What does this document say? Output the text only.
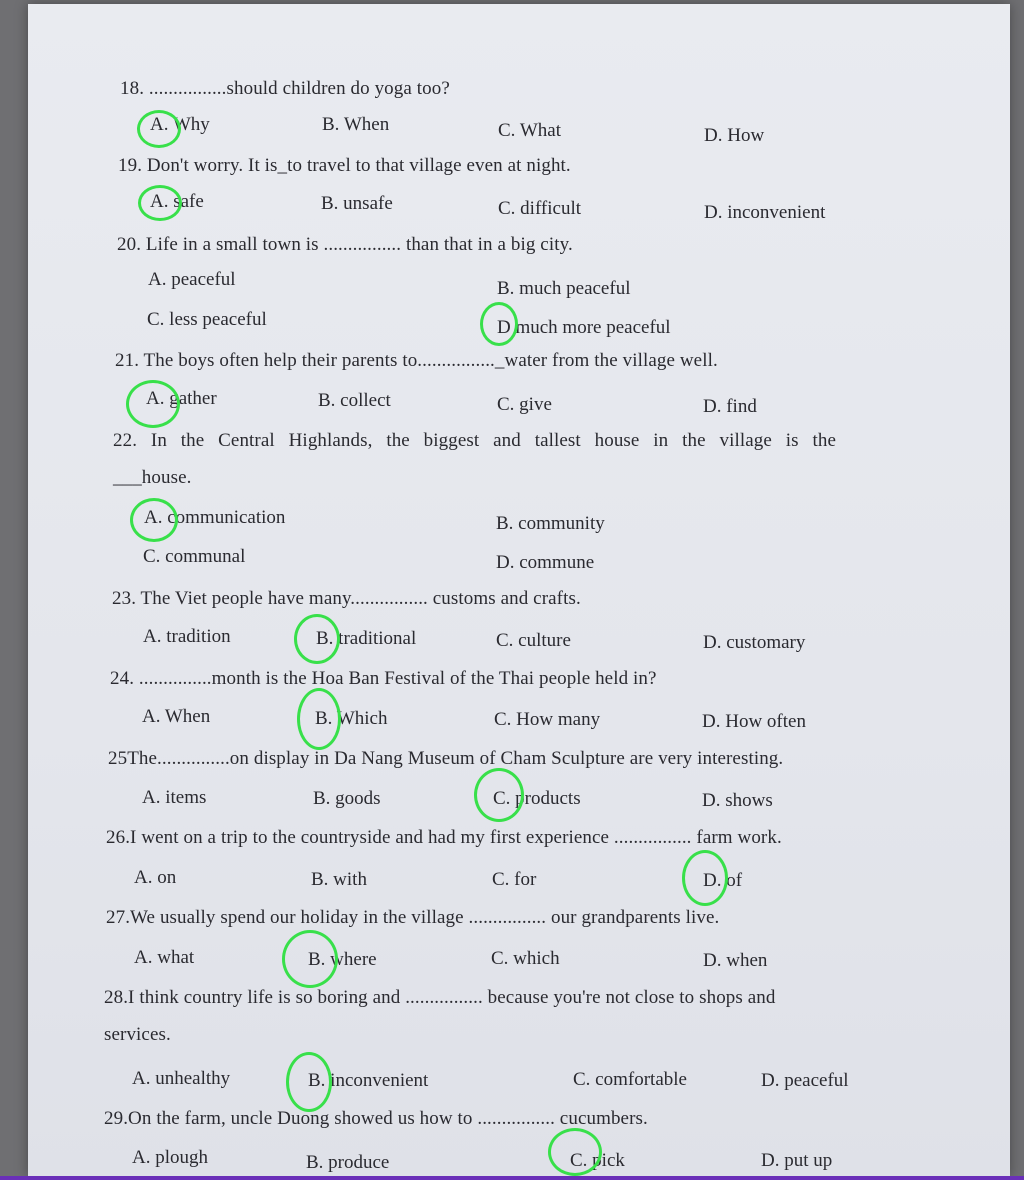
18. ................should children do yoga too?
A. Why	B. When	C. What	D. How
19. Don't worry. It is_to travel to that village even at night.
A. safe	B. unsafe	C. difficult	D. inconvenient
20. Life in a small town is ................ than that in a big city.
A. peaceful	B. much peaceful
C. less peaceful	D much more peaceful
21. The boys often help their parents to................_water from the village well.
A. gather	B. collect	C. give	D. find
22. In the Central Highlands, the biggest and tallest house in the village is the
___house.
A. communication	B. community
C. communal	D. commune
23. The Viet people have many................ customs and crafts.
A. tradition	B. traditional	C. culture	D. customary
24. ...............month is the Hoa Ban Festival of the Thai people held in?
A. When	B. Which	C. How many	D. How often
25The...............on display in Da Nang Museum of Cham Sculpture are very interesting.
A. items	B. goods	C. products	D. shows
26.I went on a trip to the countryside and had my first experience ................ farm work.
A. on	B. with	C. for	D. of
27.We usually spend our holiday in the village ................ our grandparents live.
A. what	B. where	C. which	D. when
28.I think country life is so boring and ................ because you're not close to shops and
services.
A. unhealthy	B. inconvenient	C. comfortable	D. peaceful
29.On the farm, uncle Duong showed us how to ................ cucumbers.
A. plough	B. produce	C. pick	D. put up
